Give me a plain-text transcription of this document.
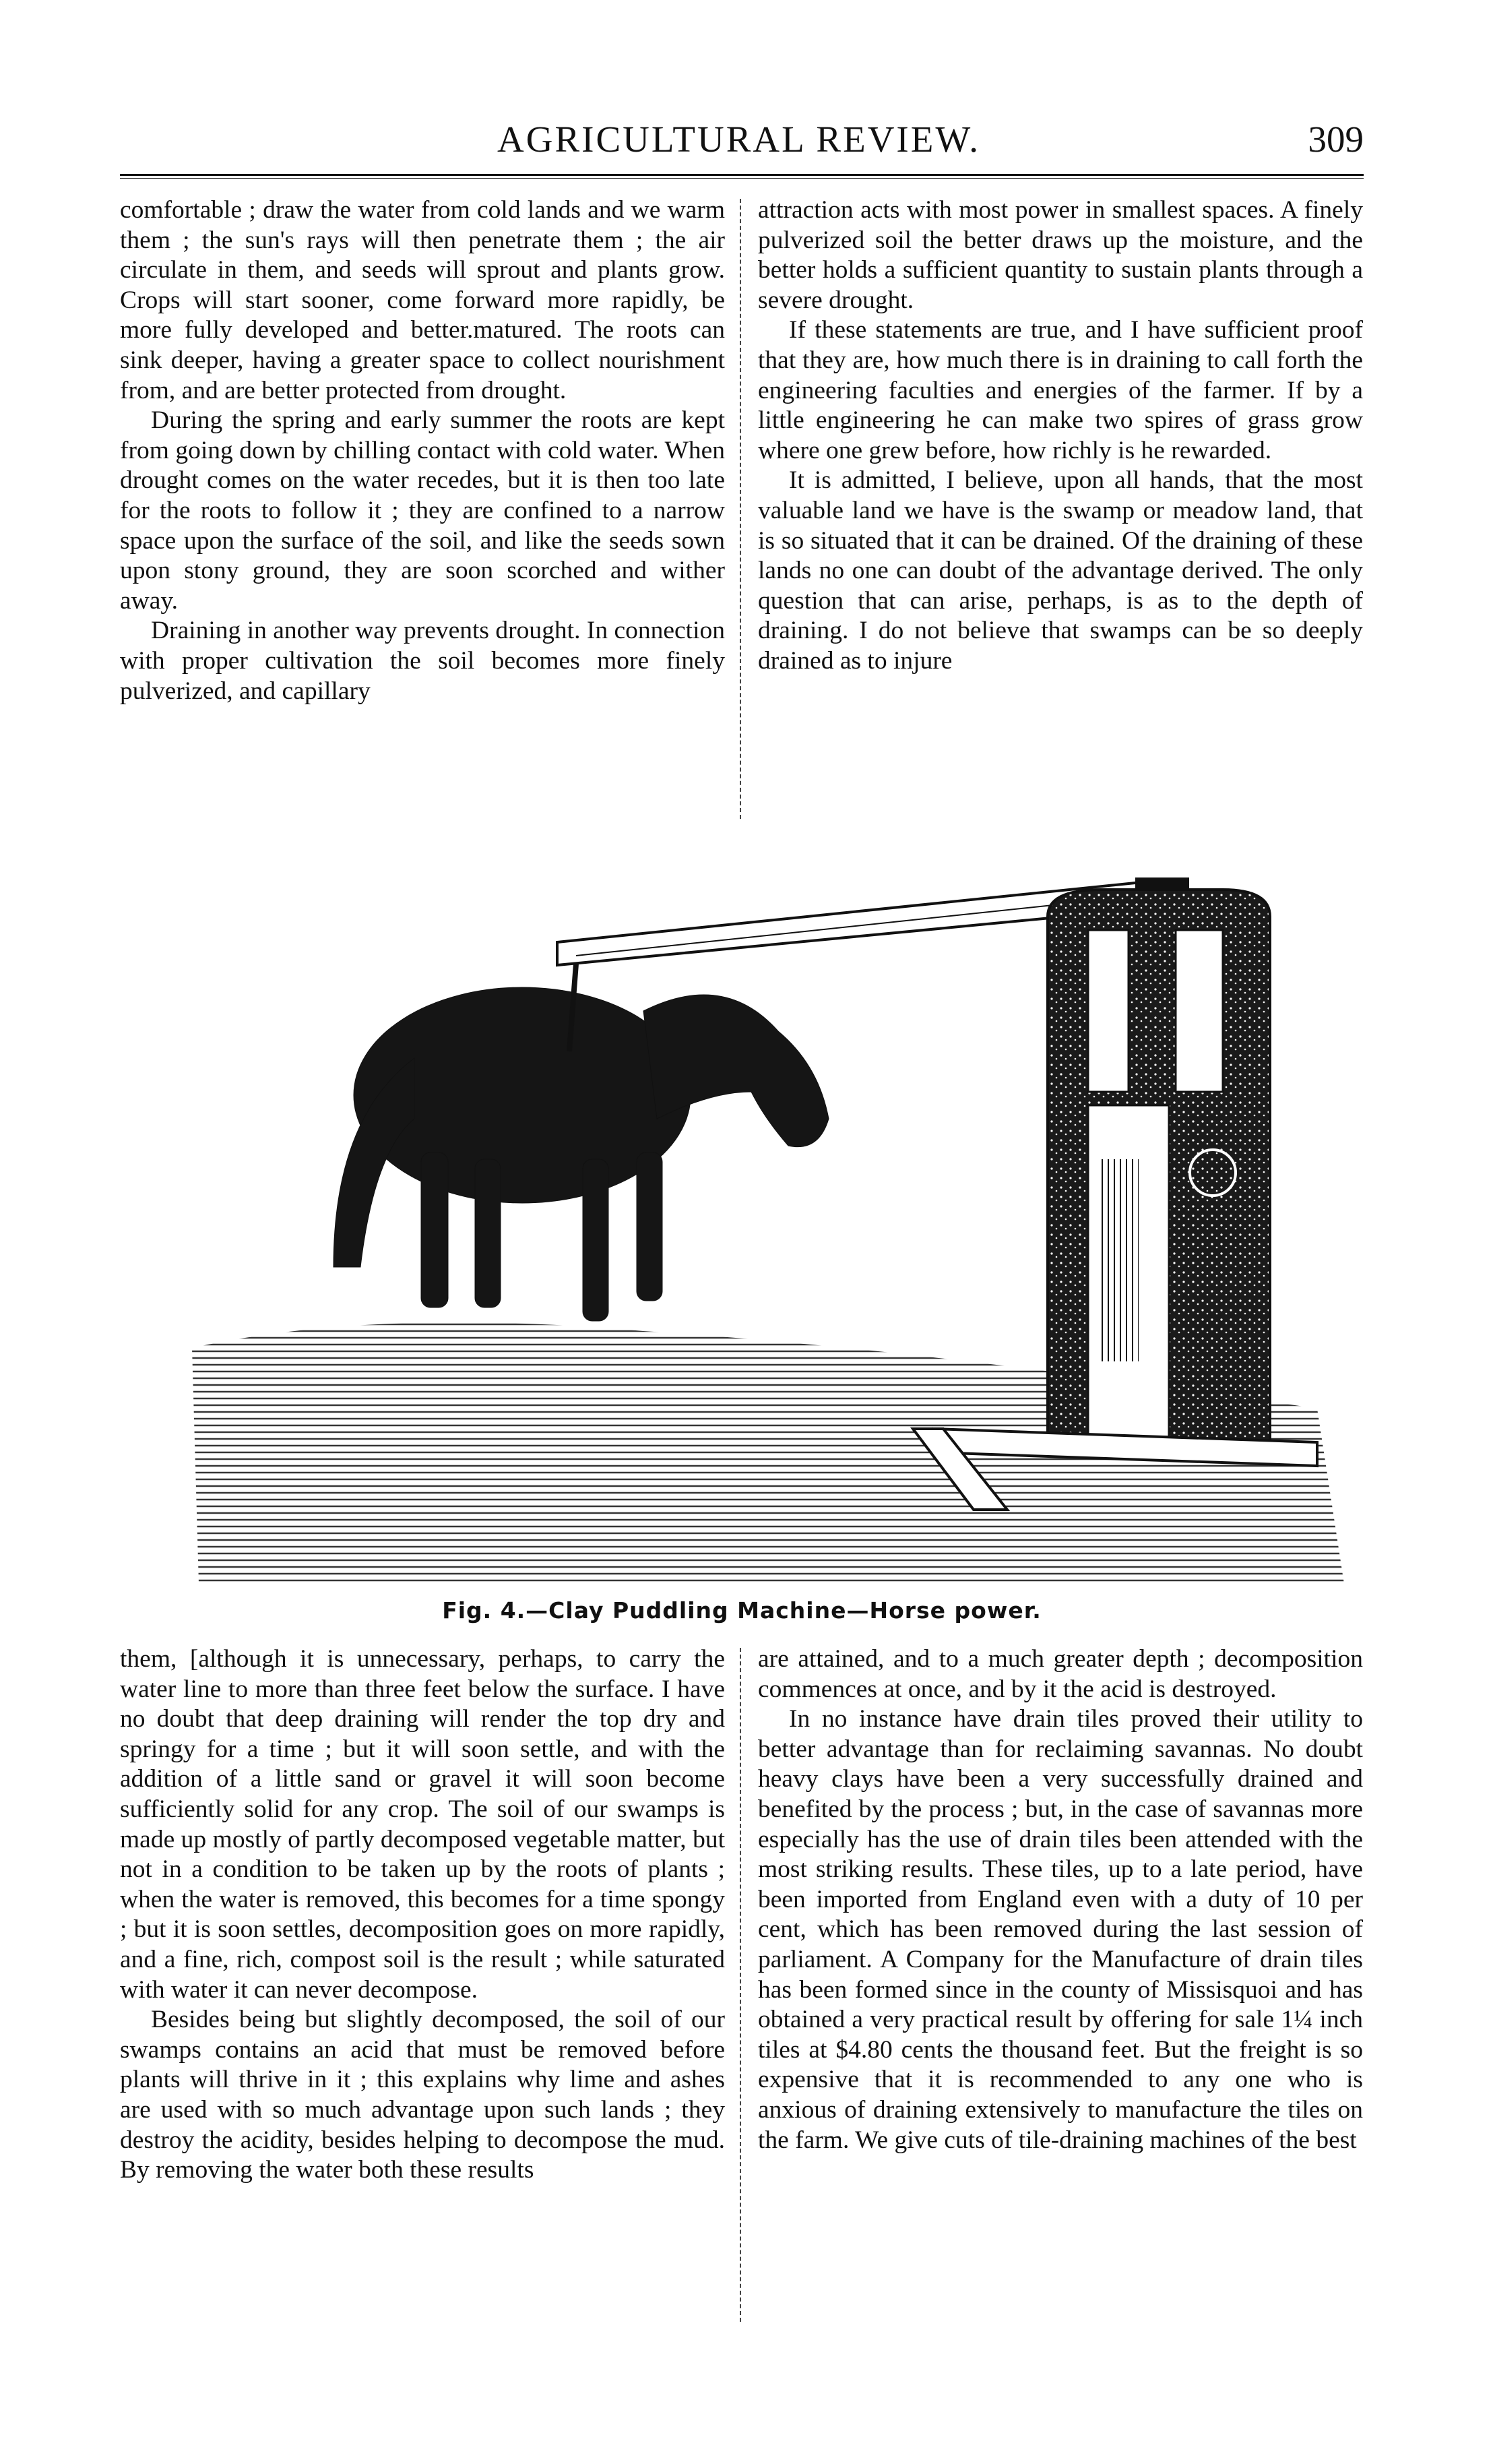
AGRICULTURAL REVIEW.	309

comfortable ; draw the water from cold lands and we warm them ; the sun's rays will then penetrate them ; the air circulate in them, and seeds will sprout and plants grow. Crops will start sooner, come forward more rapidly, be more fully developed and better.matured. The roots can sink deeper, having a greater space to collect nourishment from, and are better protected from drought.

During the spring and early summer the roots are kept from going down by chilling contact with cold water. When drought comes on the water recedes, but it is then too late for the roots to follow it ; they are confined to a narrow space upon the surface of the soil, and like the seeds sown upon stony ground, they are soon scorched and wither away.

Draining in another way prevents drought. In connection with proper cultivation the soil becomes more finely pulverized, and capillary

attraction acts with most power in smallest spaces. A finely pulverized soil the better draws up the moisture, and the better holds a sufficient quantity to sustain plants through a severe drought.

If these statements are true, and I have sufficient proof that they are, how much there is in draining to call forth the engineering faculties and energies of the farmer. If by a little engineering he can make two spires of grass grow where one grew before, how richly is he rewarded.

It is admitted, I believe, upon all hands, that the most valuable land we have is the swamp or meadow land, that is so situated that it can be drained. Of the draining of these lands no one can doubt of the advantage derived. The only question that can arise, perhaps, is as to the depth of draining. I do not believe that swamps can be so deeply drained as to injure

Fig. 4.—Clay Puddling Machine—Horse power.

them, [although it is unnecessary, perhaps, to carry the water line to more than three feet below the surface. I have no doubt that deep draining will render the top dry and springy for a time ; but it will soon settle, and with the addition of a little sand or gravel it will soon become sufficiently solid for any crop. The soil of our swamps is made up mostly of partly decomposed vegetable matter, but not in a condition to be taken up by the roots of plants ; when the water is removed, this becomes for a time spongy ; but it is soon settles, decomposition goes on more rapidly, and a fine, rich, compost soil is the result ; while saturated with water it can never decompose.

Besides being but slightly decomposed, the soil of our swamps contains an acid that must be removed before plants will thrive in it ; this explains why lime and ashes are used with so much advantage upon such lands ; they destroy the acidity, besides helping to decompose the mud. By removing the water both these results

are attained, and to a much greater depth ; decomposition commences at once, and by it the acid is destroyed.

In no instance have drain tiles proved their utility to better advantage than for reclaiming savannas. No doubt heavy clays have been a very successfully drained and benefited by the process ; but, in the case of savannas more especially has the use of drain tiles been attended with the most striking results. These tiles, up to a late period, have been imported from England even with a duty of 10 per cent, which has been removed during the last session of parliament. A Company for the Manufacture of drain tiles has been formed since in the county of Missisquoi and has obtained a very practical result by offering for sale 1¼ inch tiles at $4.80 cents the thousand feet. But the freight is so expensive that it is recommended to any one who is anxious of draining extensively to manufacture the tiles on the farm. We give cuts of tile-draining machines of the best
